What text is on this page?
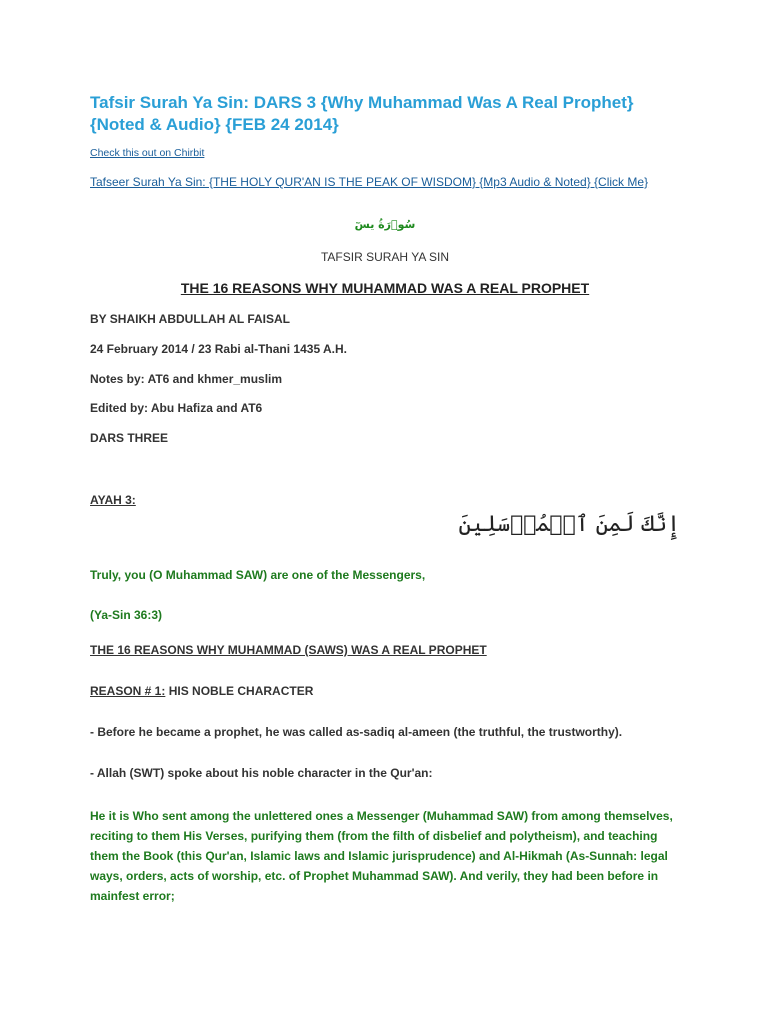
Tafsir Surah Ya Sin: DARS 3 {Why Muhammad Was A Real Prophet} {Noted & Audio} {FEB 24 2014}
Check this out on Chirbit
Tafseer Surah Ya Sin: {THE HOLY QUR'AN IS THE PEAK OF WISDOM} {Mp3 Audio & Noted} {Click Me}
سُوۡرَةُ یسٓ
TAFSIR SURAH YA SIN
THE 16 REASONS WHY MUHAMMAD WAS A REAL PROPHET
BY SHAIKH ABDULLAH AL FAISAL
24 February 2014 / 23 Rabi al-Thani 1435 A.H.
Notes by: AT6 and khmer_muslim
Edited by: Abu Hafiza and AT6
DARS THREE
AYAH 3:
إِنَّكَ لَمِنَ ٱلۡمُرۡسَلِينَ
Truly, you (O Muhammad SAW) are one of the Messengers,
(Ya-Sin 36:3)
THE 16 REASONS WHY MUHAMMAD (SAWS) WAS A REAL PROPHET
REASON # 1: HIS NOBLE CHARACTER
- Before he became a prophet, he was called as-sadiq al-ameen (the truthful, the trustworthy).
- Allah (SWT) spoke about his noble character in the Qur'an:
He it is Who sent among the unlettered ones a Messenger (Muhammad SAW) from among themselves, reciting to them His Verses, purifying them (from the filth of disbelief and polytheism), and teaching them the Book (this Qur'an, Islamic laws and Islamic jurisprudence) and Al-Hikmah (As-Sunnah: legal ways, orders, acts of worship, etc. of Prophet Muhammad SAW). And verily, they had been before in mainfest error;
